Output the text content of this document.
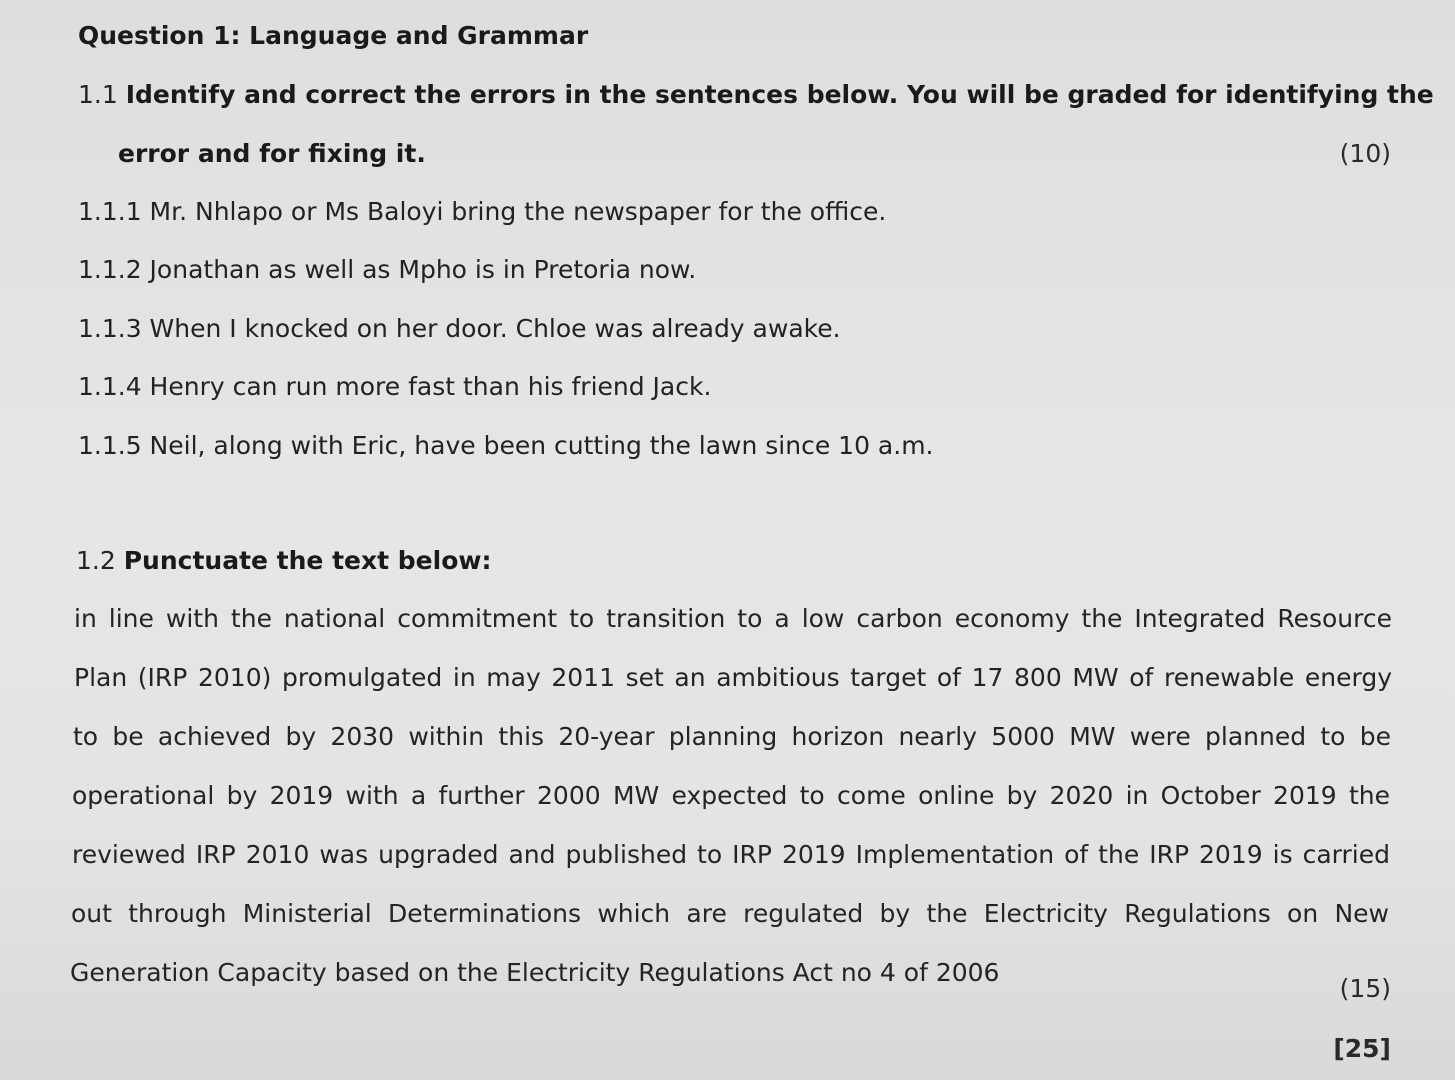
Question 1: Language and Grammar
1.1 Identify and correct the errors in the sentences below. You will be graded for identifying the
error and for fixing it.	(10)
1.1.1 Mr. Nhlapo or Ms Baloyi bring the newspaper for the office.
1.1.2 Jonathan as well as Mpho is in Pretoria now.
1.1.3 When I knocked on her door. Chloe was already awake.
1.1.4 Henry can run more fast than his friend Jack.
1.1.5 Neil, along with Eric, have been cutting the lawn since 10 a.m.
1.2 Punctuate the text below:
in line with the national commitment to transition to a low carbon economy the Integrated Resource
Plan (IRP 2010) promulgated in may 2011 set an ambitious target of 17 800 MW of renewable energy
to be achieved by 2030 within this 20-year planning horizon nearly 5000 MW were planned to be
operational by 2019 with a further 2000 MW expected to come online by 2020 in October 2019 the
reviewed IRP 2010 was upgraded and published to IRP 2019 Implementation of the IRP 2019 is carried
out through Ministerial Determinations which are regulated by the Electricity Regulations on New
Generation Capacity based on the Electricity Regulations Act no 4 of 2006
(15)
[25]
